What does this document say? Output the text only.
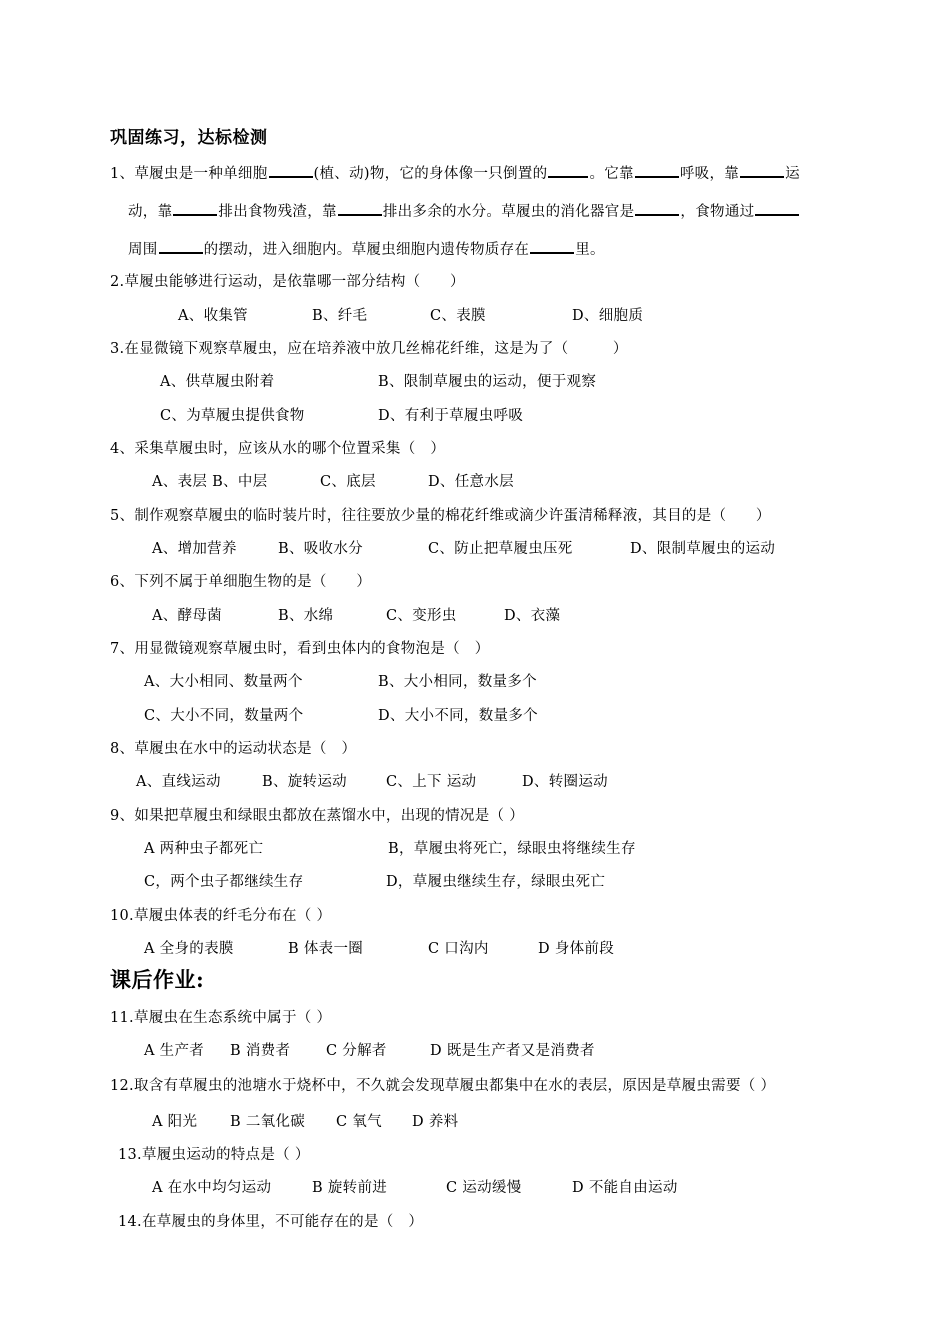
巩固练习，达标检测
1、草履虫是一种单细胞	(植、动)物，它的身体像一只倒置的	。它靠	呼吸，靠	运
动，靠	排出食物残渣，靠	排出多余的水分。草履虫的消化器官是	，食物通过
周围	的摆动，进入细胞内。草履虫细胞内遗传物质存在	里。
2.草履虫能够进行运动，是依靠哪一部分结构（　　）
A、收集管	B、纤毛	C、表膜	D、细胞质
3.在显微镜下观察草履虫，应在培养液中放几丝棉花纤维，这是为了（　　　）
A、供草履虫附着	B、限制草履虫的运动，便于观察
C、为草履虫提供食物	D、有利于草履虫呼吸
4、采集草履虫时，应该从水的哪个位置采集（　）
A、表层 B、中层	C、底层	D、任意水层
5、制作观察草履虫的临时装片时，往往要放少量的棉花纤维或滴少许蛋清稀释液，其目的是（　　）
A、增加营养	B、吸收水分	C、防止把草履虫压死	D、限制草履虫的运动
6、下列不属于单细胞生物的是（　　）
A、酵母菌	B、水绵	C、变形虫	D、衣藻
7、用显微镜观察草履虫时，看到虫体内的食物泡是（　）
A、大小相同、数量两个	B、大小相同，数量多个
C、大小不同，数量两个	D、大小不同，数量多个
8、草履虫在水中的运动状态是（　）
A、直线运动	B、旋转运动	C、上下 运动	D、转圈运动
9、如果把草履虫和绿眼虫都放在蒸馏水中，出现的情况是（ ）
A 两种虫子都死亡	B，草履虫将死亡，绿眼虫将继续生存
C，两个虫子都继续生存	D，草履虫继续生存，绿眼虫死亡
10.草履虫体表的纤毛分布在（ ）
A 全身的表膜	B 体表一圈	C 口沟内	D 身体前段
课后作业:
11.草履虫在生态系统中属于（ ）
A 生产者 B 消费者 C 分解者	D 既是生产者又是消费者
12.取含有草履虫的池塘水于烧杯中，不久就会发现草履虫都集中在水的表层，原因是草履虫需要（ ）
A 阳光 B 二氧化碳 C 氧气 D 养料
13.草履虫运动的特点是（ ）
A 在水中均匀运动	B 旋转前进	C 运动缓慢	D 不能自由运动
14.在草履虫的身体里，不可能存在的是（　）
